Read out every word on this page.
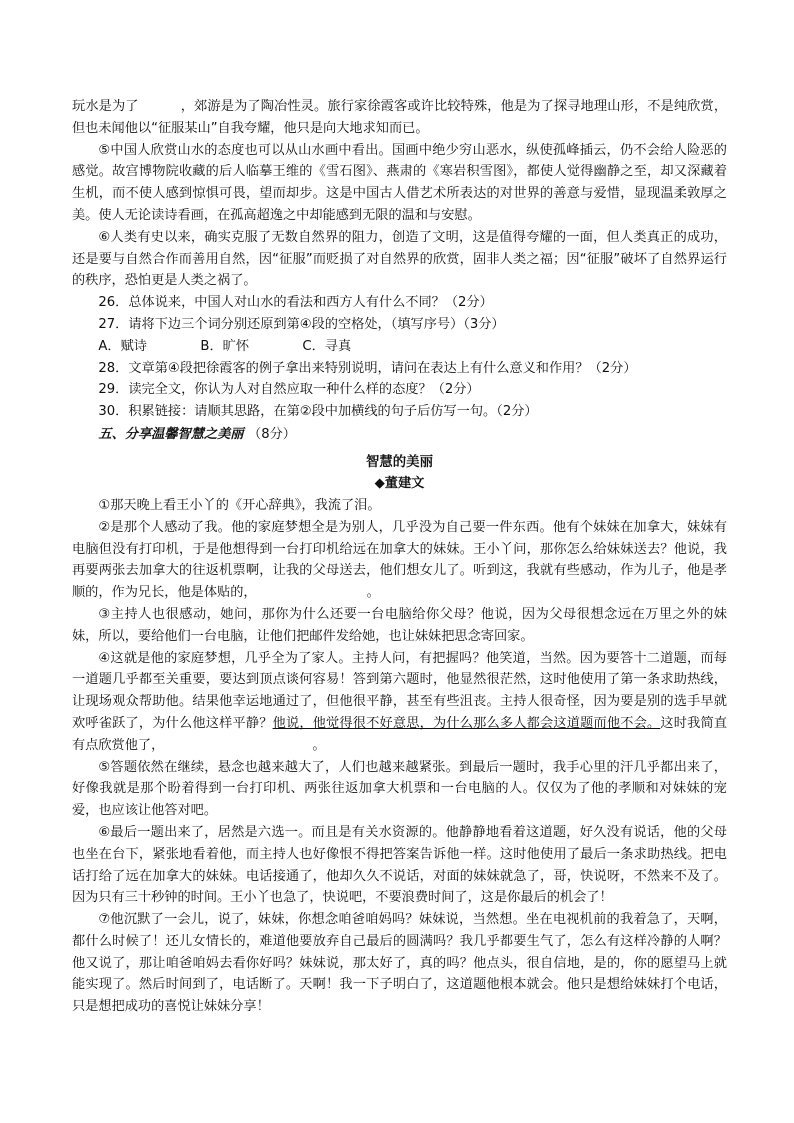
玩水是为了	，郊游是为了陶冶性灵。旅行家徐霞客或许比较特殊，他是为了探寻地理山形，不是纯欣赏，但也未闻他以“征服某山”自我夸耀，他只是向大地求知而已。

⑤中国人欣赏山水的态度也可以从山水画中看出。国画中绝少穷山恶水，纵使孤峰插云，仍不会给人险恶的感觉。故宫博物院收藏的后人临摹王维的《雪石图》、燕肃的《寒岩积雪图》，都使人觉得幽静之至，却又深藏着生机，而不使人感到惊惧可畏，望而却步。这是中国古人借艺术所表达的对世界的善意与爱惜，显现温柔敦厚之美。使人无论读诗看画，在孤高超逸之中却能感到无限的温和与安慰。

⑥人类有史以来，确实克服了无数自然界的阻力，创造了文明，这是值得夸耀的一面，但人类真正的成功，还是要与自然合作而善用自然，因“征服”而贬损了对自然界的欣赏，固非人类之福；因“征服”破坏了自然界运行的秩序，恐怕更是人类之祸了。

26．总体说来，中国人对山水的看法和西方人有什么不同？（2分）

27．请将下边三个词分别还原到第④段的空格处，（填写序号）（3分）

A．赋诗	B．旷怀	C．寻真

28．文章第④段把徐霞客的例子拿出来特别说明，请问在表达上有什么意义和作用？（2分）

29．读完全文，你认为人对自然应取一种什么样的态度？（2分）

30．积累链接：请顺其思路，在第②段中加横线的句子后仿写一句。（2分）

五、分享温馨智慧之美丽 （8分）

智慧的美丽

◆董建文

①那天晚上看王小丫的《开心辞典》，我流了泪。

②是那个人感动了我。他的家庭梦想全是为别人，几乎没为自己要一件东西。他有个妹妹在加拿大，妹妹有电脑但没有打印机，于是他想得到一台打印机给远在加拿大的妹妹。王小丫问，那你怎么给妹妹送去？他说，我再要两张去加拿大的往返机票啊，让我的父母送去，他们想女儿了。听到这，我就有些感动，作为儿子，他是孝顺的，作为兄长，他是体贴的，	。

③主持人也很感动，她问，那你为什么还要一台电脑给你父母？他说，因为父母很想念远在万里之外的妹妹，所以，要给他们一台电脑，让他们把邮件发给她，也让妹妹把思念寄回家。

④这就是他的家庭梦想，几乎全为了家人。主持人问，有把握吗？他笑道，当然。因为要答十二道题，而每一道题几乎都至关重要，要达到顶点谈何容易！答到第六题时，他显然很茫然，这时他使用了第一条求助热线，让现场观众帮助他。结果他幸运地通过了，但他很平静，甚至有些沮丧。主持人很奇怪，因为要是别的选手早就欢呼雀跃了，为什么他这样平静？他说，他觉得很不好意思，为什么那么多人都会这道题而他不会。这时我简直有点欣赏他了，	。

⑤答题依然在继续，悬念也越来越大了，人们也越来越紧张。到最后一题时，我手心里的汗几乎都出来了，好像我就是那个盼着得到一台打印机、两张往返加拿大机票和一台电脑的人。仅仅为了他的孝顺和对妹妹的宠爱，也应该让他答对吧。

⑥最后一题出来了，居然是六选一。而且是有关水资源的。他静静地看着这道题，好久没有说话，他的父母也坐在台下，紧张地看着他，而主持人也好像恨不得把答案告诉他一样。这时他使用了最后一条求助热线。把电话打给了远在加拿大的妹妹。电话接通了，他却久久不说话，对面的妹妹就急了，哥，快说呀，不然来不及了。因为只有三十秒钟的时间。王小丫也急了，快说吧，不要浪费时间了，这是你最后的机会了！

⑦他沉默了一会儿，说了，妹妹，你想念咱爸咱妈吗？妹妹说，当然想。坐在电视机前的我着急了，天啊，都什么时候了！还儿女情长的，难道他要放弃自己最后的圆满吗？我几乎都要生气了，怎么有这样冷静的人啊？他又说了，那让咱爸咱妈去看你好吗？妹妹说，那太好了，真的吗？他点头，很自信地，是的，你的愿望马上就能实现了。然后时间到了，电话断了。天啊！我一下子明白了，这道题他根本就会。他只是想给妹妹打个电话，只是想把成功的喜悦让妹妹分享！
